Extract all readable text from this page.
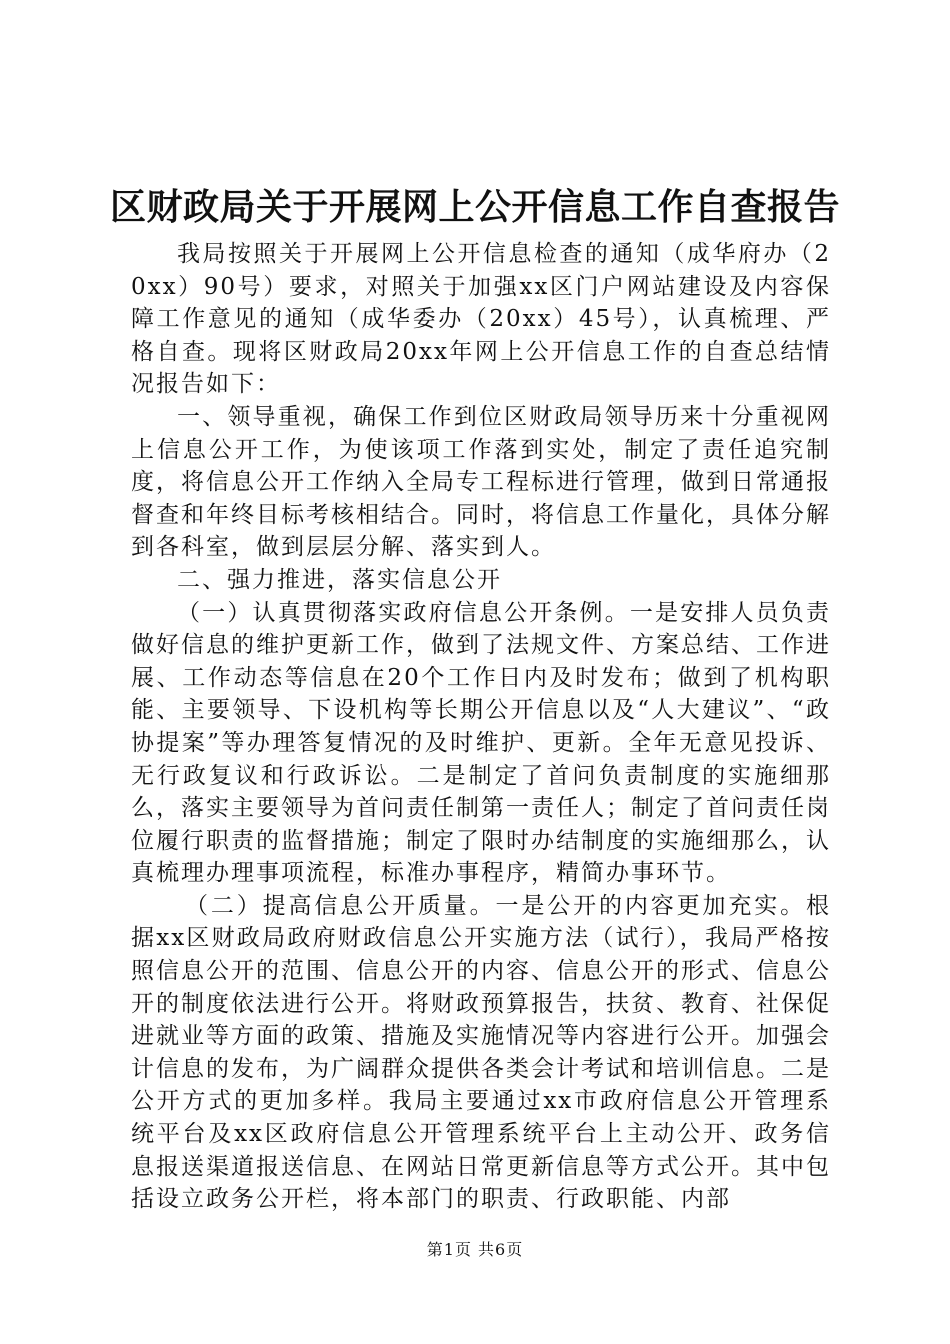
区财政局关于开展网上公开信息工作自查报告

我局按照关于开展网上公开信息检查的通知（成华府办（20xx）90号）要求，对照关于加强xx区门户网站建设及内容保障工作意见的通知（成华委办（20xx）45号），认真梳理、严格自查。现将区财政局20xx年网上公开信息工作的自查总结情况报告如下：

一、领导重视，确保工作到位区财政局领导历来十分重视网上信息公开工作，为使该项工作落到实处，制定了责任追究制度，将信息公开工作纳入全局专工程标进行管理，做到日常通报督查和年终目标考核相结合。同时，将信息工作量化，具体分解到各科室，做到层层分解、落实到人。

二、强力推进，落实信息公开

（一）认真贯彻落实政府信息公开条例。一是安排人员负责做好信息的维护更新工作，做到了法规文件、方案总结、工作进展、工作动态等信息在20个工作日内及时发布；做到了机构职能、主要领导、下设机构等长期公开信息以及“人大建议”、“政协提案”等办理答复情况的及时维护、更新。全年无意见投诉、无行政复议和行政诉讼。二是制定了首问负责制度的实施细那么，落实主要领导为首问责任制第一责任人；制定了首问责任岗位履行职责的监督措施；制定了限时办结制度的实施细那么，认真梳理办理事项流程，标准办事程序，精简办事环节。

（二）提高信息公开质量。一是公开的内容更加充实。根据xx区财政局政府财政信息公开实施方法（试行），我局严格按照信息公开的范围、信息公开的内容、信息公开的形式、信息公开的制度依法进行公开。将财政预算报告，扶贫、教育、社保促进就业等方面的政策、措施及实施情况等内容进行公开。加强会计信息的发布，为广阔群众提供各类会计考试和培训信息。二是公开方式的更加多样。我局主要通过xx市政府信息公开管理系统平台及xx区政府信息公开管理系统平台上主动公开、政务信息报送渠道报送信息、在网站日常更新信息等方式公开。其中包括设立政务公开栏，将本部门的职责、行政职能、内部

第1页 共6页
